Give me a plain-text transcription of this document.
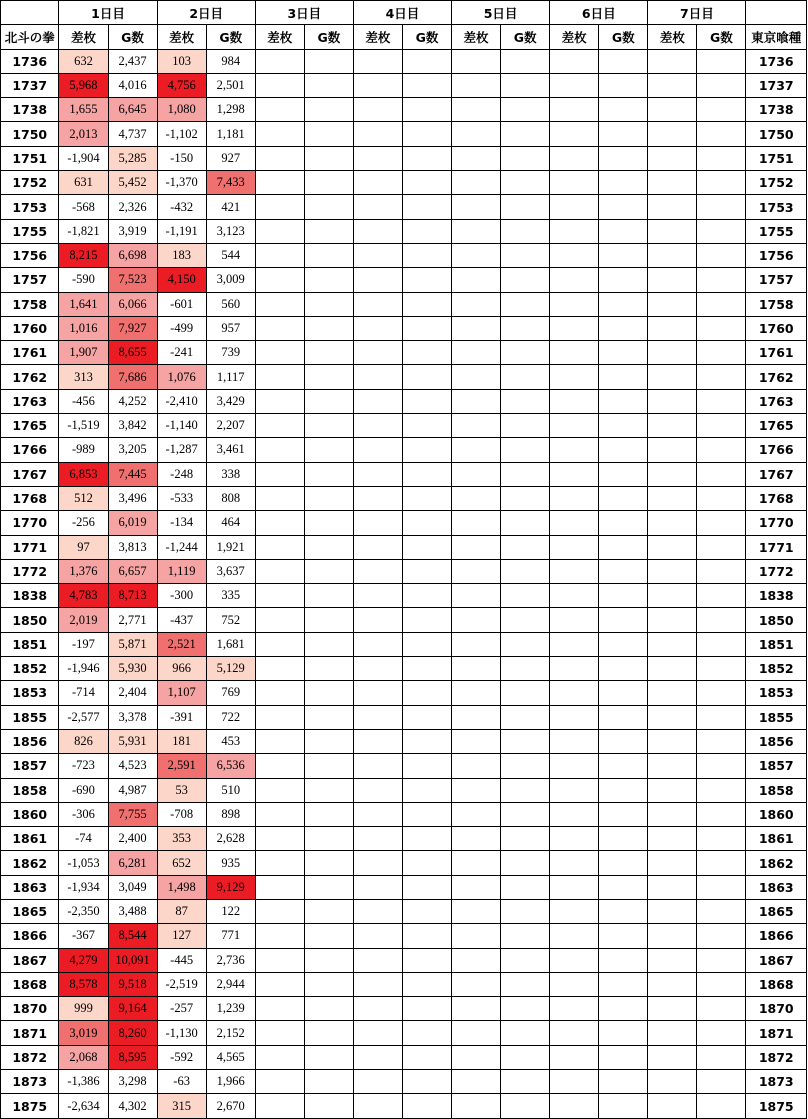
	1日目		2日目		3日目		4日目		5日目		6日目		7日目		
北斗の拳	差枚	G数	差枚	G数	差枚	G数	差枚	G数	差枚	G数	差枚	G数	差枚	G数	東京喰種
1736	632	2,437	103	984											1736
1737	5,968	4,016	4,756	2,501											1737
1738	1,655	6,645	1,080	1,298											1738
1750	2,013	4,737	-1,102	1,181											1750
1751	-1,904	5,285	-150	927											1751
1752	631	5,452	-1,370	7,433											1752
1753	-568	2,326	-432	421											1753
1755	-1,821	3,919	-1,191	3,123											1755
1756	8,215	6,698	183	544											1756
1757	-590	7,523	4,150	3,009											1757
1758	1,641	6,066	-601	560											1758
1760	1,016	7,927	-499	957											1760
1761	1,907	8,655	-241	739											1761
1762	313	7,686	1,076	1,117											1762
1763	-456	4,252	-2,410	3,429											1763
1765	-1,519	3,842	-1,140	2,207											1765
1766	-989	3,205	-1,287	3,461											1766
1767	6,853	7,445	-248	338											1767
1768	512	3,496	-533	808											1768
1770	-256	6,019	-134	464											1770
1771	97	3,813	-1,244	1,921											1771
1772	1,376	6,657	1,119	3,637											1772
1838	4,783	8,713	-300	335											1838
1850	2,019	2,771	-437	752											1850
1851	-197	5,871	2,521	1,681											1851
1852	-1,946	5,930	966	5,129											1852
1853	-714	2,404	1,107	769											1853
1855	-2,577	3,378	-391	722											1855
1856	826	5,931	181	453											1856
1857	-723	4,523	2,591	6,536											1857
1858	-690	4,987	53	510											1858
1860	-306	7,755	-708	898											1860
1861	-74	2,400	353	2,628											1861
1862	-1,053	6,281	652	935											1862
1863	-1,934	3,049	1,498	9,129											1863
1865	-2,350	3,488	87	122											1865
1866	-367	8,544	127	771											1866
1867	4,279	10,091	-445	2,736											1867
1868	8,578	9,518	-2,519	2,944											1868
1870	999	9,164	-257	1,239											1870
1871	3,019	8,260	-1,130	2,152											1871
1872	2,068	8,595	-592	4,565											1872
1873	-1,386	3,298	-63	1,966											1873
1875	-2,634	4,302	315	2,670											1875
